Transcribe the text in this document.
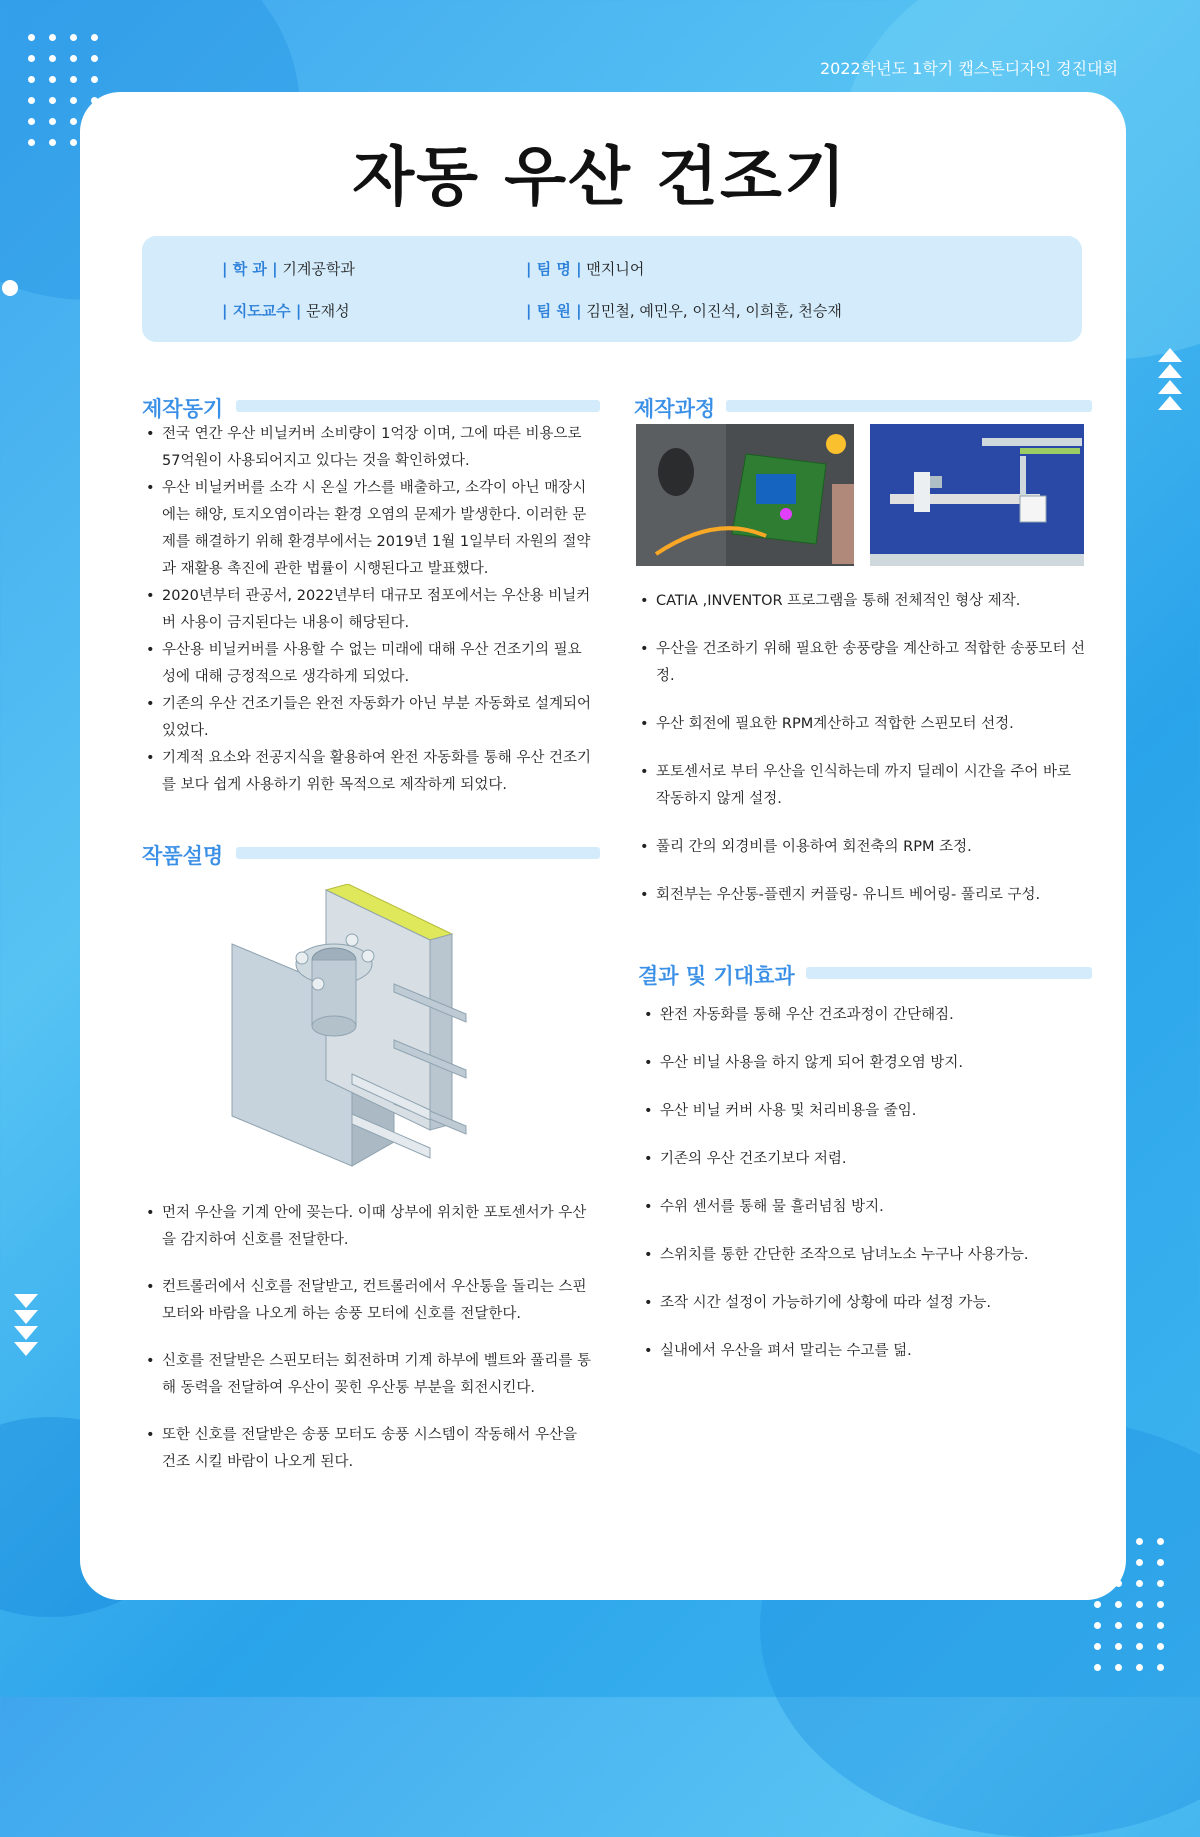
2022학년도 1학기 캡스톤디자인 경진대회
자동 우산 건조기
| 학 과 | 기계공학과	| 팀 명 | 맨지니어
| 지도교수 | 문재성	| 팀 원 | 김민철, 예민우, 이진석, 이희훈, 천승재
제작동기
• 전국 연간 우산 비닐커버 소비량이 1억장 이며, 그에 따른 비용으로 57억원이 사용되어지고 있다는 것을 확인하였다.
• 우산 비닐커버를 소각 시 온실 가스를 배출하고, 소각이 아닌 매장시에는 해양, 토지오염이라는 환경 오염의 문제가 발생한다. 이러한 문제를 해결하기 위해 환경부에서는 2019년 1월 1일부터 자원의 절약과 재활용 촉진에 관한 법률이 시행된다고 발표했다.
• 2020년부터 관공서, 2022년부터 대규모 점포에서는 우산용 비닐커버 사용이 금지된다는 내용이 해당된다.
• 우산용 비닐커버를 사용할 수 없는 미래에 대해 우산 건조기의 필요성에 대해 긍정적으로 생각하게 되었다.
• 기존의 우산 건조기들은 완전 자동화가 아닌 부분 자동화로 설계되어 있었다.
• 기계적 요소와 전공지식을 활용하여 완전 자동화를 통해 우산 건조기를 보다 쉽게 사용하기 위한 목적으로 제작하게 되었다.
작품설명
• 먼저 우산을 기계 안에 꽂는다. 이때 상부에 위치한 포토센서가 우산을 감지하여 신호를 전달한다.
• 컨트롤러에서 신호를 전달받고, 컨트롤러에서 우산통을 돌리는 스핀모터와 바람을 나오게 하는 송풍 모터에 신호를 전달한다.
• 신호를 전달받은 스핀모터는 회전하며 기계 하부에 벨트와 풀리를 통해 동력을 전달하여 우산이 꽂힌 우산통 부분을 회전시킨다.
• 또한 신호를 전달받은 송풍 모터도 송풍 시스템이 작동해서 우산을 건조 시킬 바람이 나오게 된다.
제작과정
• CATIA ,INVENTOR 프로그램을 통해 전체적인 형상 제작.
• 우산을 건조하기 위해 필요한 송풍량을 계산하고 적합한 송풍모터 선정.
• 우산 회전에 필요한 RPM계산하고 적합한 스핀모터 선정.
• 포토센서로 부터 우산을 인식하는데 까지 딜레이 시간을 주어 바로 작동하지 않게 설정.
• 풀리 간의 외경비를 이용하여 회전축의 RPM 조정.
• 회전부는 우산통-플렌지 커플링- 유니트 베어링- 풀리로 구성.
결과 및 기대효과
• 완전 자동화를 통해 우산 건조과정이 간단해짐.
• 우산 비닐 사용을 하지 않게 되어 환경오염 방지.
• 우산 비닐 커버 사용 및 처리비용을 줄임.
• 기존의 우산 건조기보다 저렴.
• 수위 센서를 통해 물 흘러넘침 방지.
• 스위치를 통한 간단한 조작으로 남녀노소 누구나 사용가능.
• 조작 시간 설정이 가능하기에 상황에 따라 설정 가능.
• 실내에서 우산을 펴서 말리는 수고를 덞.
